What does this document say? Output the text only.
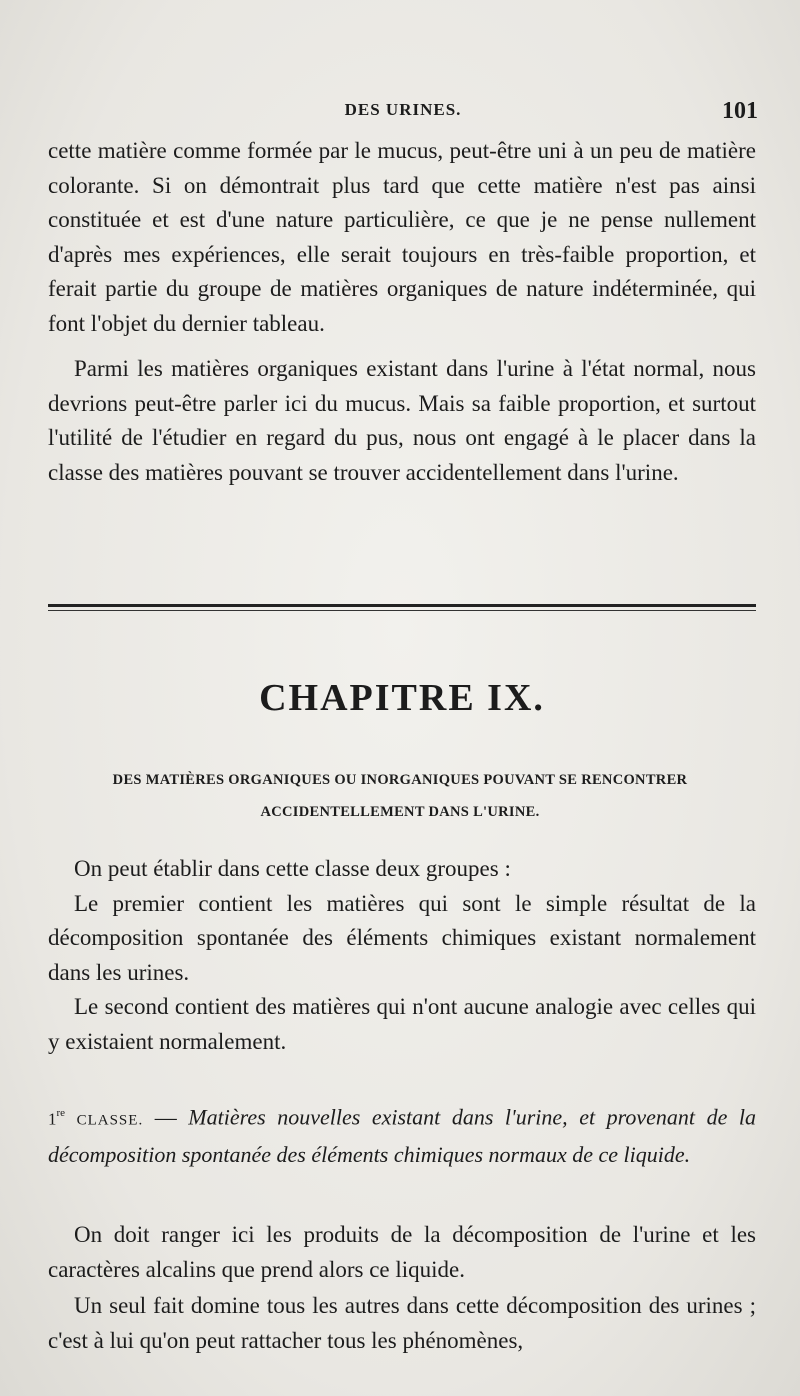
DES URINES.	101

cette matière comme formée par le mucus, peut-être uni à un peu de matière colorante. Si on démontrait plus tard que cette matière n'est pas ainsi constituée et est d'une nature particulière, ce que je ne pense nullement d'après mes expériences, elle serait toujours en très-faible proportion, et ferait partie du groupe de matières organiques de nature indéterminée, qui font l'objet du dernier tableau.

Parmi les matières organiques existant dans l'urine à l'état normal, nous devrions peut-être parler ici du mucus. Mais sa faible proportion, et surtout l'utilité de l'étudier en regard du pus, nous ont engagé à le placer dans la classe des matières pouvant se trouver accidentellement dans l'urine.

CHAPITRE IX.
DES MATIÈRES ORGANIQUES OU INORGANIQUES POUVANT SE RENCONTRER
ACCIDENTELLEMENT DANS L'URINE.

On peut établir dans cette classe deux groupes :

Le premier contient les matières qui sont le simple résultat de la décomposition spontanée des éléments chimiques existant normalement dans les urines.

Le second contient des matières qui n'ont aucune analogie avec celles qui y existaient normalement.

1re CLASSE. — Matières nouvelles existant dans l'urine, et provenant de la décomposition spontanée des éléments chimiques normaux de ce liquide.

On doit ranger ici les produits de la décomposition de l'urine et les caractères alcalins que prend alors ce liquide.

Un seul fait domine tous les autres dans cette décomposition des urines ; c'est à lui qu'on peut rattacher tous les phénomènes,
